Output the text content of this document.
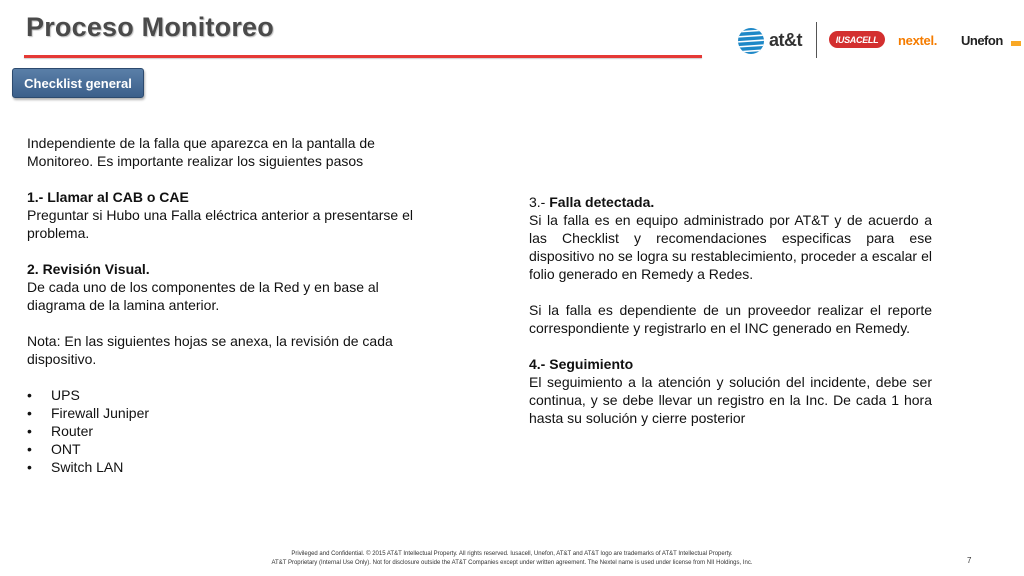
Proceso Monitoreo	at&t	IUSACELL	nextel. Unefon
Checklist general

Independiente de la falla que aparezca en la pantalla de Monitoreo. Es importante realizar los siguientes pasos

1.- Llamar al CAB o CAE

Preguntar si Hubo una Falla eléctrica anterior a presentarse el problema.

2. Revisión Visual.

De cada uno de los componentes de la Red y en base al diagrama de la lamina anterior.

Nota: En las siguientes hojas se anexa, la revisión de cada dispositivo.

• UPS
• Firewall Juniper
• Router
• ONT
• Switch LAN

3.- Falla detectada.

Si la falla es en equipo administrado por AT&T y de acuerdo a las Checklist y recomendaciones especificas para ese dispositivo no se logra su restablecimiento, proceder a escalar el folio generado en Remedy a Redes.

Si la falla es dependiente de un proveedor realizar el reporte correspondiente y registrarlo en el INC generado en Remedy.

4.- Seguimiento

El seguimiento a la atención y solución del incidente, debe ser continua, y se debe llevar un registro en la Inc. De cada 1 hora hasta su solución y cierre posterior

Privileged and Confidential. © 2015 AT&T Intellectual Property. All rights reserved. Iusacell, Unefon, AT&T and AT&T logo are trademarks of AT&T Intellectual Property.
AT&T Proprietary (Internal Use Only). Not for disclosure outside the AT&T Companies except under written agreement. The Nextel name is used under license from NII Holdings, Inc.	7
